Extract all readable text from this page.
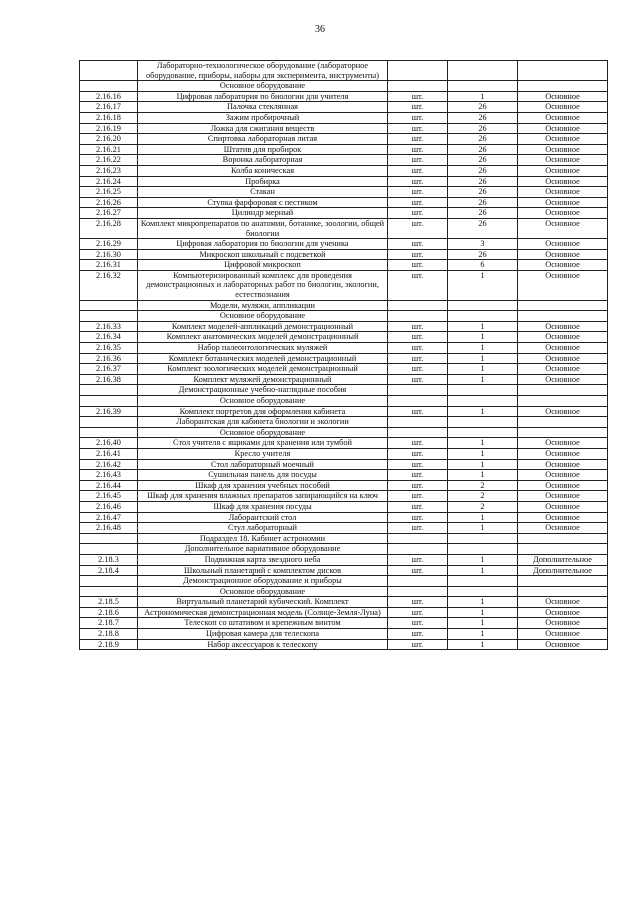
36
	Лабораторно-технологическое оборудование (лабораторное оборудование, приборы, наборы для эксперимента, инструменты)			
	Основное оборудование			
2.16.16	Цифровая лаборатория по биологии для учителя	шт.	1	Основное
2.16.17	Палочка стеклянная	шт.	26	Основное
2.16.18	Зажим пробирочный	шт.	26	Основное
2.16.19	Ложка для сжигания веществ	шт.	26	Основное
2.16.20	Спиртовка лабораторная литая	шт.	26	Основное
2.16.21	Штатив для пробирок	шт.	26	Основное
2.16.22	Воронка лабораторная	шт.	26	Основное
2.16.23	Колба коническая	шт.	26	Основное
2.16.24	Пробирка	шт.	26	Основное
2.16.25	Стакан	шт.	26	Основное
2.16.26	Ступка фарфоровая с пестиком	шт.	26	Основное
2.16.27	Цилиндр мерный	шт.	26	Основное
2.16.28	Комплект микропрепаратов по анатомии, ботанике, зоологии, общей биологии	шт.	26	Основное
2.16.29	Цифровая лаборатория по биологии для ученика	шт.	3	Основное
2.16.30	Микроскоп школьный с подсветкой	шт.	26	Основное
2.16.31	Цифровой микроскоп	шт.	6	Основное
2.16.32	Компьютеризированный комплекс для проведения демонстрационных и лабораторных работ по биологии, экологии, естествознания	шт.	1	Основное
	Модели, муляжи, аппликации			
	Основное оборудование			
2.16.33	Комплект моделей-аппликаций демонстрационный	шт.	1	Основное
2.16.34	Комплект анатомических моделей демонстрационный	шт.	1	Основное
2.16.35	Набор палеонтологических муляжей	шт.	1	Основное
2.16.36	Комплект ботанических моделей демонстрационный	шт.	1	Основное
2.16.37	Комплект зоологических моделей демонстрационный	шт.	1	Основное
2.16.38	Комплект муляжей демонстрационный	шт.	1	Основное
	Демонстрационные учебно-наглядные пособия			
	Основное оборудование			
2.16.39	Комплект портретов для оформления кабинета	шт.	1	Основное
	Лаборантская для кабинета биологии и экологии			
	Основное оборудование			
2.16.40	Стол учителя с ящиками для хранения или тумбой	шт.	1	Основное
2.16.41	Кресло учителя	шт.	1	Основное
2.16.42	Стол лабораторный моечный	шт.	1	Основное
2.16.43	Сушильная панель для посуды	шт.	1	Основное
2.16.44	Шкаф для хранения учебных пособий	шт.	2	Основное
2.16.45	Шкаф для хранения влажных препаратов запирающийся на ключ	шт.	2	Основное
2.16.46	Шкаф для хранения посуды	шт.	2	Основное
2.16.47	Лаборантский стол	шт.	1	Основное
2.16.48	Стул лабораторный	шт.	1	Основное
	Подраздел 18. Кабинет астрономии			
	Дополнительное вариативное оборудование			
2.18.3	Подвижная карта звездного неба	шт.	1	Дополнительное
2.18.4	Школьный планетарий с комплектом дисков	шт.	1	Дополнительное
	Демонстрационное оборудование и приборы			
	Основное оборудование			
2.18.5	Виртуальный планетарий кубический. Комплект	шт.	1	Основное
2.18.6	Астрономическая демонстрационная модель (Солнце-Земля-Луна)	шт.	1	Основное
2.18.7	Телескоп со штативом и крепежным винтом	шт.	1	Основное
2.18.8	Цифровая камера для телескопа	шт.	1	Основное
2.18.9	Набор аксессуаров к телескопу	шт.	1	Основное
